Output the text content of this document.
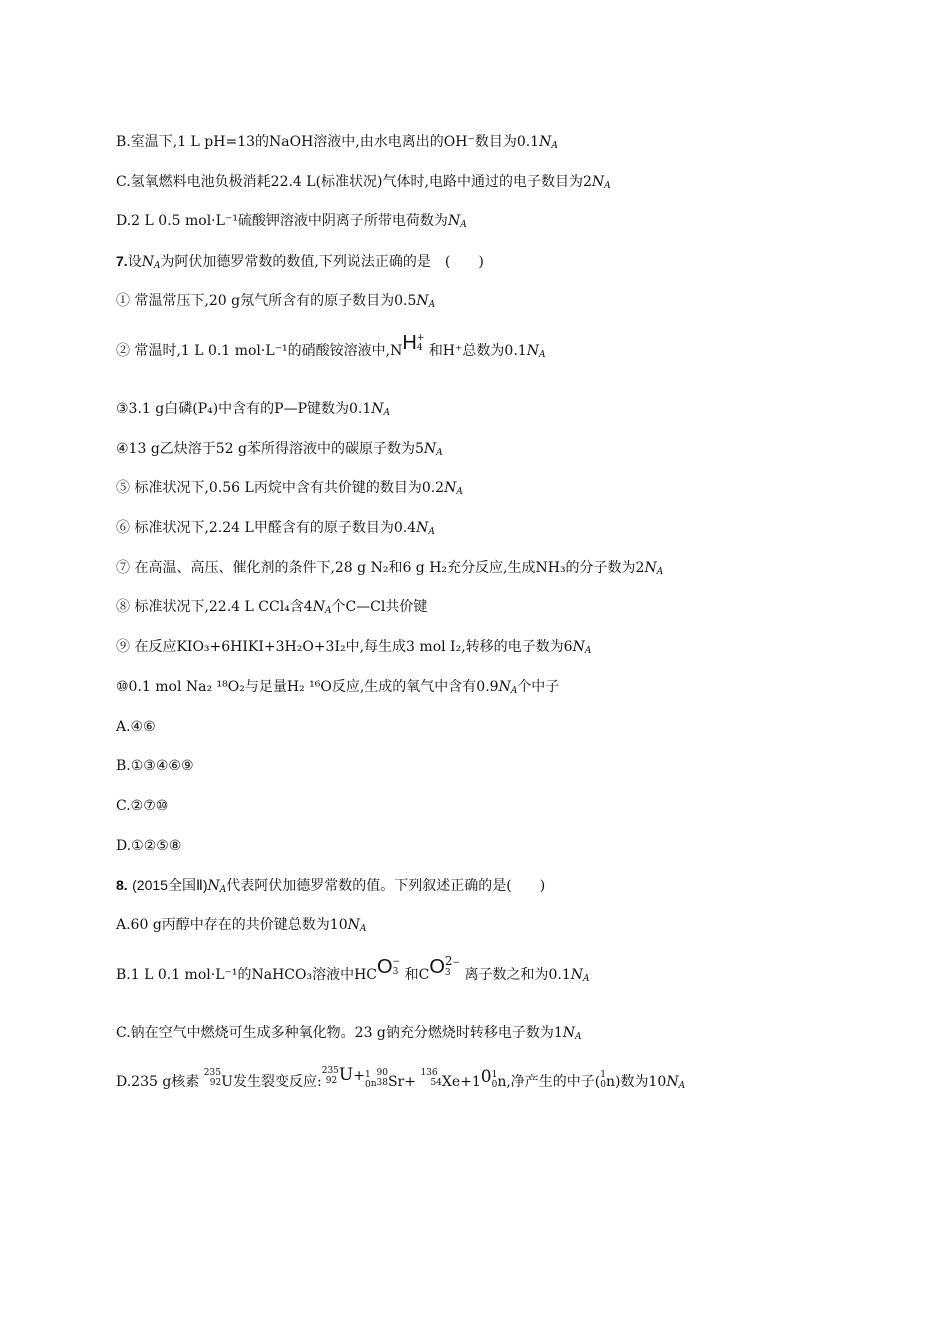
B.室温下,1 L pH=13的NaOH溶液中,由水电离出的OH⁻数目为0.1NA
C.氢氧燃料电池负极消耗22.4 L(标准状况)气体时,电路中通过的电子数目为2NA
D.2 L 0.5 mol·L⁻¹硫酸钾溶液中阴离子所带电荷数为NA
7.设NA为阿伏加德罗常数的数值,下列说法正确的是　(　　)
① 常温常压下,20 g氖气所含有的原子数目为0.5NA
② 常温时,1 L 0.1 mol·L⁻¹的硝酸铵溶液中,NH +
4 和H⁺总数为0.1NA
③3.1 g白磷(P₄)中含有的P—P键数为0.1NA
④13 g乙炔溶于52 g苯所得溶液中的碳原子数为5NA
⑤ 标准状况下,0.56 L丙烷中含有共价键的数目为0.2NA
⑥ 标准状况下,2.24 L甲醛含有的原子数目为0.4NA
⑦ 在高温、高压、催化剂的条件下,28 g N₂和6 g H₂充分反应,生成NH₃的分子数为2NA
⑧ 标准状况下,22.4 L CCl₄含4NA个C—Cl共价键
⑨ 在反应KIO₃+6HIKI+3H₂O+3I₂中,每生成3 mol I₂,转移的电子数为6NA
⑩0.1 mol Na₂ ¹⁸O₂与足量H₂ ¹⁶O反应,生成的氧气中含有0.9NA个中子
A.④⑥
B.①③④⑥⑨
C.②⑦⑩
D.①②⑤⑧
8. (2015全国Ⅱ)NA代表阿伏加德罗常数的值。下列叙述正确的是(　　)
A.60 g丙醇中存在的共价键总数为10NA
B.1 L 0.1 mol·L⁻¹的NaHCO₃溶液中HCO −
3 和CO 2−
3 离子数之和为0.1NA
C.钠在空气中燃烧可生成多种氧化物。23 g钠充分燃烧时转移电子数为1NA
D.235 g核素
235
92 U发生裂变反应:
235
92 U+ 1
0 n
90
38 Sr+
136
54 Xe+10 1
0 n,净产生的中子( 1
0 n)数为10NA
